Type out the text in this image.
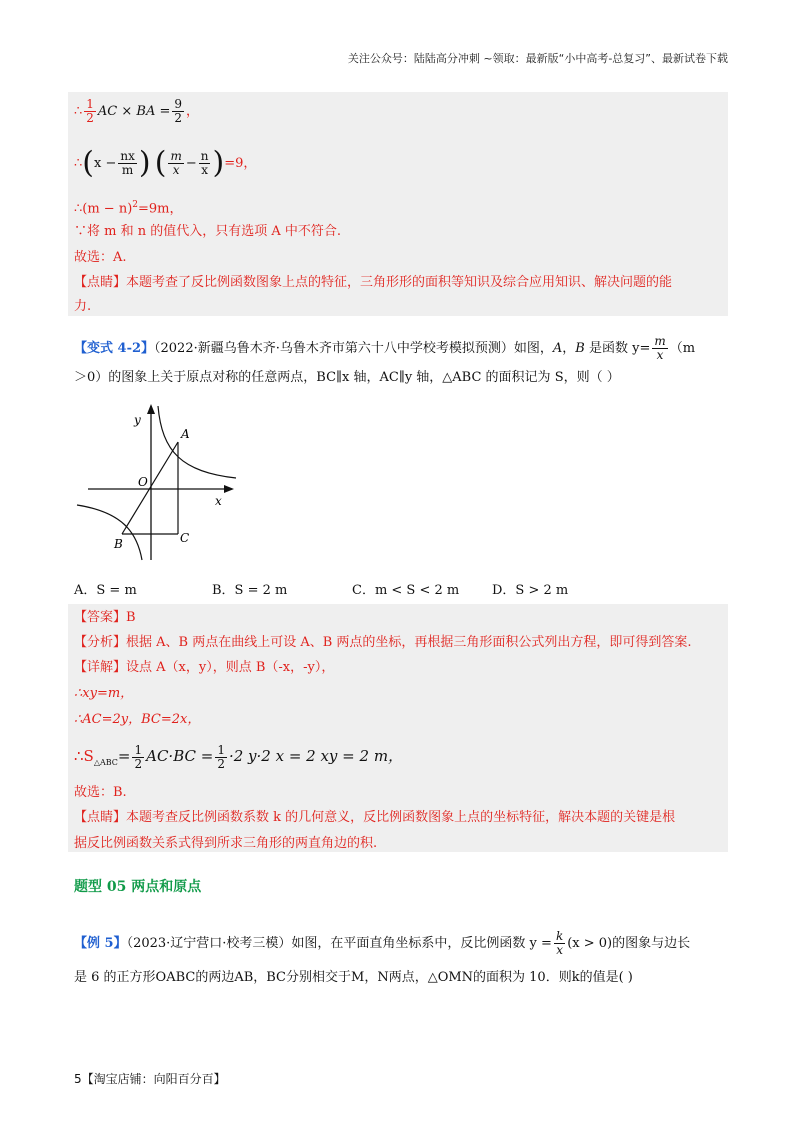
关注公众号：陆陆高分冲刺 ~领取：最新版“小中高考-总复习”、最新试卷下载
∴ $\frac{1}{2}$ AC × BA = $\frac{9}{2}$ ，
∴(x − $\frac{nx}{m}$ ) ( $\frac{m}{x} - \frac{n}{x} )=9$，
∴(m − n)$^2$=9m，
∵将 m 和 n 的值代入，只有选项 A 中不符合.
故选：A.
【点睛】本题考查了反比例函数图象上点的特征，三角形形的面积等知识及综合应用知识、解决问题的能
力.
【变式 4-2】（2022·新疆乌鲁木齐·乌鲁木齐市第六十八中学校考模拟预测）如图，A，B 是函数 $y= \frac{m}{x} (m$
＞0）的图象上关于原点对称的任意两点，BC∥x 轴，AC∥y 轴，△ABC 的面积记为 S，则（ ）
y
x
A
O
B	C
A．S = m	B．S = 2 m	C．m < S < 2 m	D．S > 2 m
【答案】B
【分析】根据 A、B 两点在曲线上可设 A、B 两点的坐标，再根据三角形面积公式列出方程，即可得到答案.
【详解】设点 A（x，y），则点 B（-x，-y），
∴xy=m，
∴AC=2y，BC=2x，
$\therefore S_{\triangle ABC}= \frac{1}{2} AC\cdot BC = \frac{1}{2} \cdot 2$ y·2 x = 2 xy = 2 m，
故选：B.
【点睛】本题考查反比例函数系数 k 的几何意义，反比例函数图象上点的坐标特征，解决本题的关键是根
据反比例函数关系式得到所求三角形的两直角边的积.
题型 05 两点和原点
【例 5】（2023·辽宁营口·校考三模）如图，在平面直角坐标系中，反比例函数 $y = \frac{k}{x} (x > 0)$的图象与边长
是 6 的正方形OABC的两边AB，BC分别相交于M，N两点，△OMN的面积为 10．则k的值是( )
5【淘宝店铺：向阳百分百】
